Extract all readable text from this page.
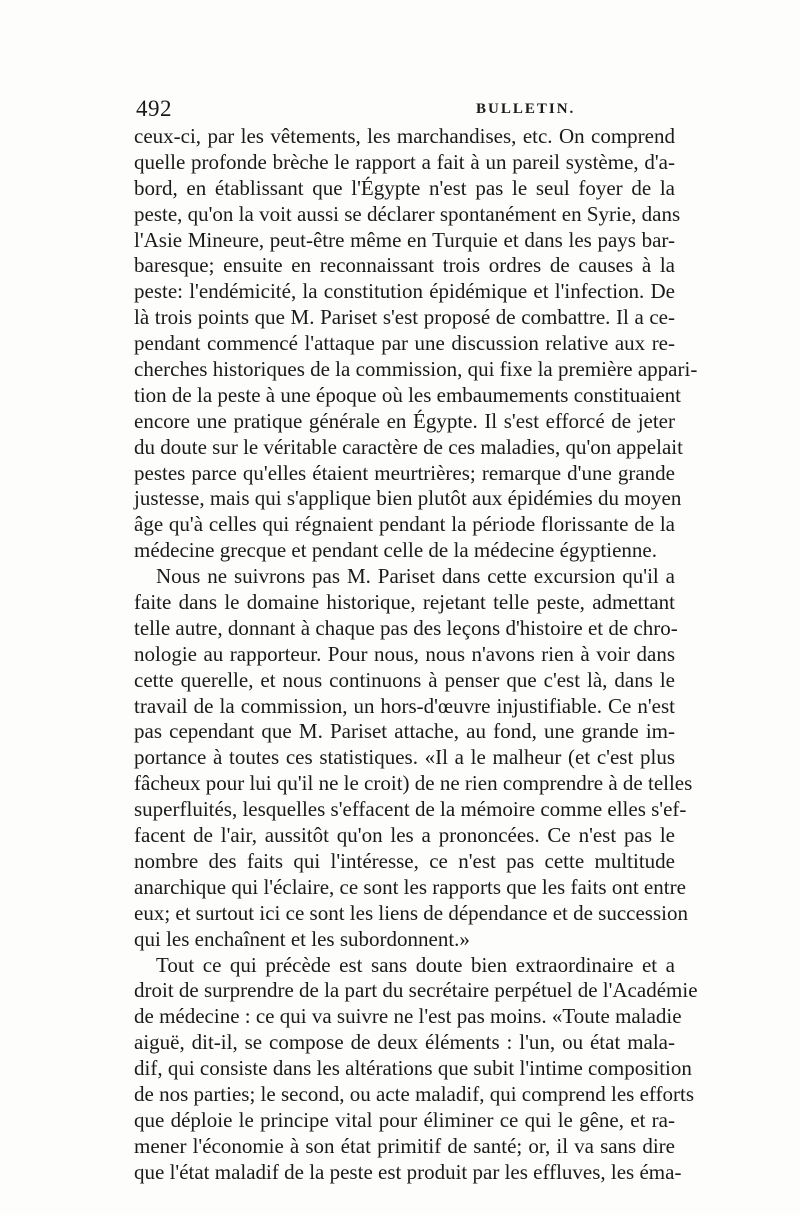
492	BULLETIN.
ceux-ci, par les vêtements, les marchandises, etc. On comprend
quelle profonde brèche le rapport a fait à un pareil système, d'a-
bord, en établissant que l'Égypte n'est pas le seul foyer de la
peste, qu'on la voit aussi se déclarer spontanément en Syrie, dans
l'Asie Mineure, peut-être même en Turquie et dans les pays bar-
baresque; ensuite en reconnaissant trois ordres de causes à la
peste: l'endémicité, la constitution épidémique et l'infection. De
là trois points que M. Pariset s'est proposé de combattre. Il a ce-
pendant commencé l'attaque par une discussion relative aux re-
cherches historiques de la commission, qui fixe la première appari-
tion de la peste à une époque où les embaumements constituaient
encore une pratique générale en Égypte. Il s'est efforcé de jeter
du doute sur le véritable caractère de ces maladies, qu'on appelait
pestes parce qu'elles étaient meurtrières; remarque d'une grande
justesse, mais qui s'applique bien plutôt aux épidémies du moyen
âge qu'à celles qui régnaient pendant la période florissante de la
médecine grecque et pendant celle de la médecine égyptienne.
Nous ne suivrons pas M. Pariset dans cette excursion qu'il a
faite dans le domaine historique, rejetant telle peste, admettant
telle autre, donnant à chaque pas des leçons d'histoire et de chro-
nologie au rapporteur. Pour nous, nous n'avons rien à voir dans
cette querelle, et nous continuons à penser que c'est là, dans le
travail de la commission, un hors-d'œuvre injustifiable. Ce n'est
pas cependant que M. Pariset attache, au fond, une grande im-
portance à toutes ces statistiques. «Il a le malheur (et c'est plus
fâcheux pour lui qu'il ne le croit) de ne rien comprendre à de telles
superfluités, lesquelles s'effacent de la mémoire comme elles s'ef-
facent de l'air, aussitôt qu'on les a prononcées. Ce n'est pas le
nombre des faits qui l'intéresse, ce n'est pas cette multitude
anarchique qui l'éclaire, ce sont les rapports que les faits ont entre
eux; et surtout ici ce sont les liens de dépendance et de succession
qui les enchaînent et les subordonnent.»
Tout ce qui précède est sans doute bien extraordinaire et a
droit de surprendre de la part du secrétaire perpétuel de l'Académie
de médecine : ce qui va suivre ne l'est pas moins. «Toute maladie
aiguë, dit-il, se compose de deux éléments : l'un, ou état mala-
dif, qui consiste dans les altérations que subit l'intime composition
de nos parties; le second, ou acte maladif, qui comprend les efforts
que déploie le principe vital pour éliminer ce qui le gêne, et ra-
mener l'économie à son état primitif de santé; or, il va sans dire
que l'état maladif de la peste est produit par les effluves, les éma-
